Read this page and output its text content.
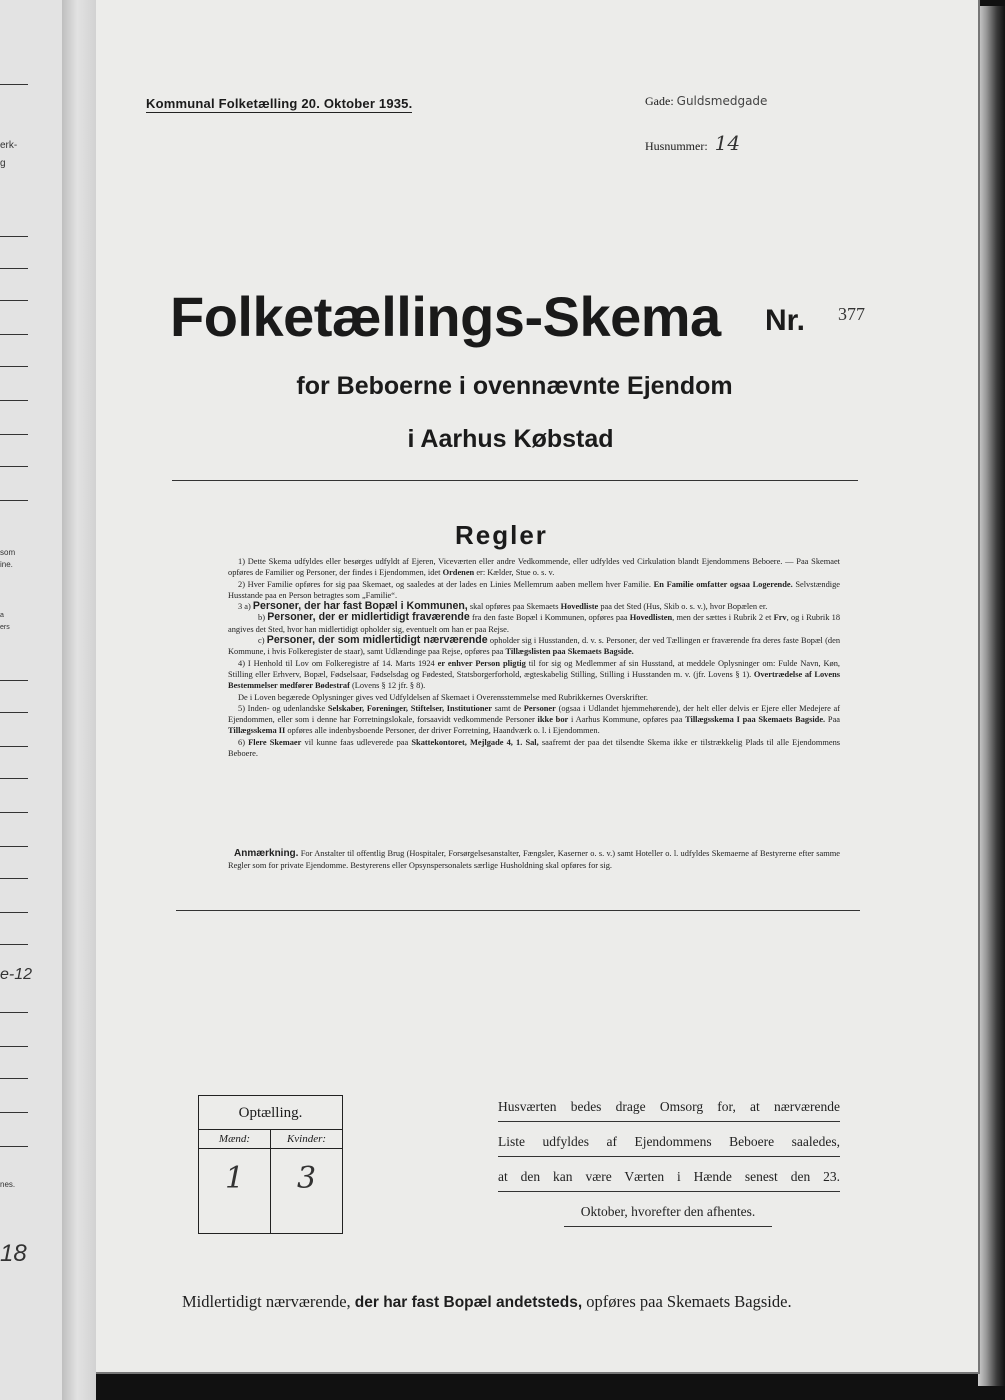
erk-
g
som
ine.
a
ers
e-12
nes.
18
Kommunal Folketælling 20. Oktober 1935.	Gade: Guldsmedgade
Husnummer: 14
Folketællings-Skema Nr. 377
for Beboerne i ovennævnte Ejendom
i Aarhus Købstad
Regler

1) Dette Skema udfyldes eller besørges udfyldt af Ejeren, Viceværten eller andre Vedkommende, eller udfyldes ved Cirkulation blandt Ejendommens Beboere. — Paa Skemaet opføres de Familier og Personer, der findes i Ejendommen, idet Ordenen er: Kælder, Stue o. s. v.

2) Hver Familie opføres for sig paa Skemaet, og saaledes at der lades en Linies Mellemrum aaben mellem hver Familie. En Familie omfatter ogsaa Logerende. Selvstændige Husstande paa en Person betragtes som „Familie“.

3 a) Personer, der har fast Bopæl i Kommunen, skal opføres paa Skemaets Hovedliste paa det Sted (Hus, Skib o. s. v.), hvor Bopælen er.

b) Personer, der er midlertidigt fraværende fra den faste Bopæl i Kommunen, opføres paa Hovedlisten, men der sættes i Rubrik 2 et Frv, og i Rubrik 18 angives det Sted, hvor han midlertidigt opholder sig, eventuelt om han er paa Rejse.

c) Personer, der som midlertidigt nærværende opholder sig i Husstanden, d. v. s. Personer, der ved Tællingen er fraværende fra deres faste Bopæl (den Kommune, i hvis Folkeregister de staar), samt Udlændinge paa Rejse, opføres paa Tillægslisten paa Skemaets Bagside.

4) I Henhold til Lov om Folkeregistre af 14. Marts 1924 er enhver Person pligtig til for sig og Medlemmer af sin Husstand, at meddele Oplysninger om: Fulde Navn, Køn, Stilling eller Erhverv, Bopæl, Fødselsaar, Fødselsdag og Fødested, Statsborgerforhold, ægteskabelig Stilling, Stilling i Husstanden m. v. (jfr. Lovens § 1). Overtrædelse af Lovens Bestemmelser medfører Bødestraf (Lovens § 12 jfr. § 8).

De i Loven begærede Oplysninger gives ved Udfyldelsen af Skemaet i Overensstemmelse med Rubrikkernes Overskrifter.

5) Inden- og udenlandske Selskaber, Foreninger, Stiftelser, Institutioner samt de Personer (ogsaa i Udlandet hjemmehørende), der helt eller delvis er Ejere eller Medejere af Ejendommen, eller som i denne har Forretningslokale, forsaavidt vedkommende Personer ikke bor i Aarhus Kommune, opføres paa Tillægsskema I paa Skemaets Bagside. Paa Tillægsskema II opføres alle indenbysboende Personer, der driver Forretning, Haandværk o. l. i Ejendommen.

6) Flere Skemaer vil kunne faas udleverede paa Skattekontoret, Mejlgade 4, 1. Sal, saafremt der paa det tilsendte Skema ikke er tilstrækkelig Plads til alle Ejendommens Beboere.

Anmærkning. For Anstalter til offentlig Brug (Hospitaler, Forsørgelsesanstalter, Fængsler, Kaserner o. s. v.) samt Hoteller o. l. udfyldes Skemaerne af Bestyrerne efter samme Regler som for private Ejendomme. Bestyrerens eller Opsynspersonalets særlige Husholdning skal opføres for sig.

Optælling.
Mænd:
1
Kvinder:
3
Husværten bedes drage Omsorg for, at nærværende
Liste udfyldes af Ejendommens Beboere saaledes,
at den kan være Værten i Hænde senest den 23.
Oktober, hvorefter den afhentes.
Midlertidigt nærværende, der har fast Bopæl andetsteds, opføres paa Skemaets Bagside.
